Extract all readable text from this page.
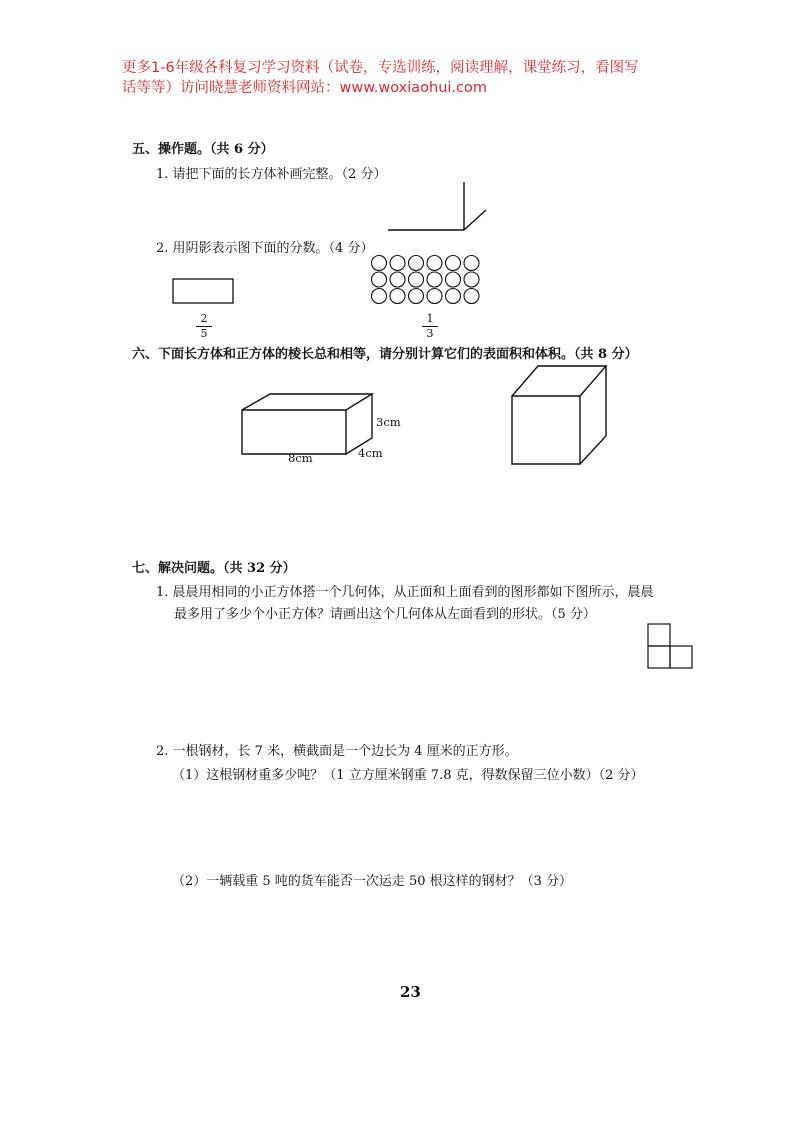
更多1-6年级各科复习学习资料（试卷，专选训练，阅读理解，课堂练习，看图写
话等等）访问晓慧老师资料网站：www.woxiaohui.com
五、操作题。（共 6 分）
1. 请把下面的长方体补画完整。（2 分）
2. 用阴影表示图下面的分数。（4 分）
2
5
1
3
六、下面长方体和正方体的棱长总和相等，请分别计算它们的表面积和体积。（共 8 分）
3cm
4cm
8cm
七、解决问题。（共 32 分）
1. 晨晨用相同的小正方体搭一个几何体，从正面和上面看到的图形都如下图所示，晨晨
最多用了多少个小正方体？请画出这个几何体从左面看到的形状。（5 分）
2. 一根钢材，长 7 米，横截面是一个边长为 4 厘米的正方形。
（1）这根钢材重多少吨？（1 立方厘米钢重 7.8 克，得数保留三位小数）（2 分）
（2）一辆载重 5 吨的货车能否一次运走 50 根这样的钢材？（3 分）
23
